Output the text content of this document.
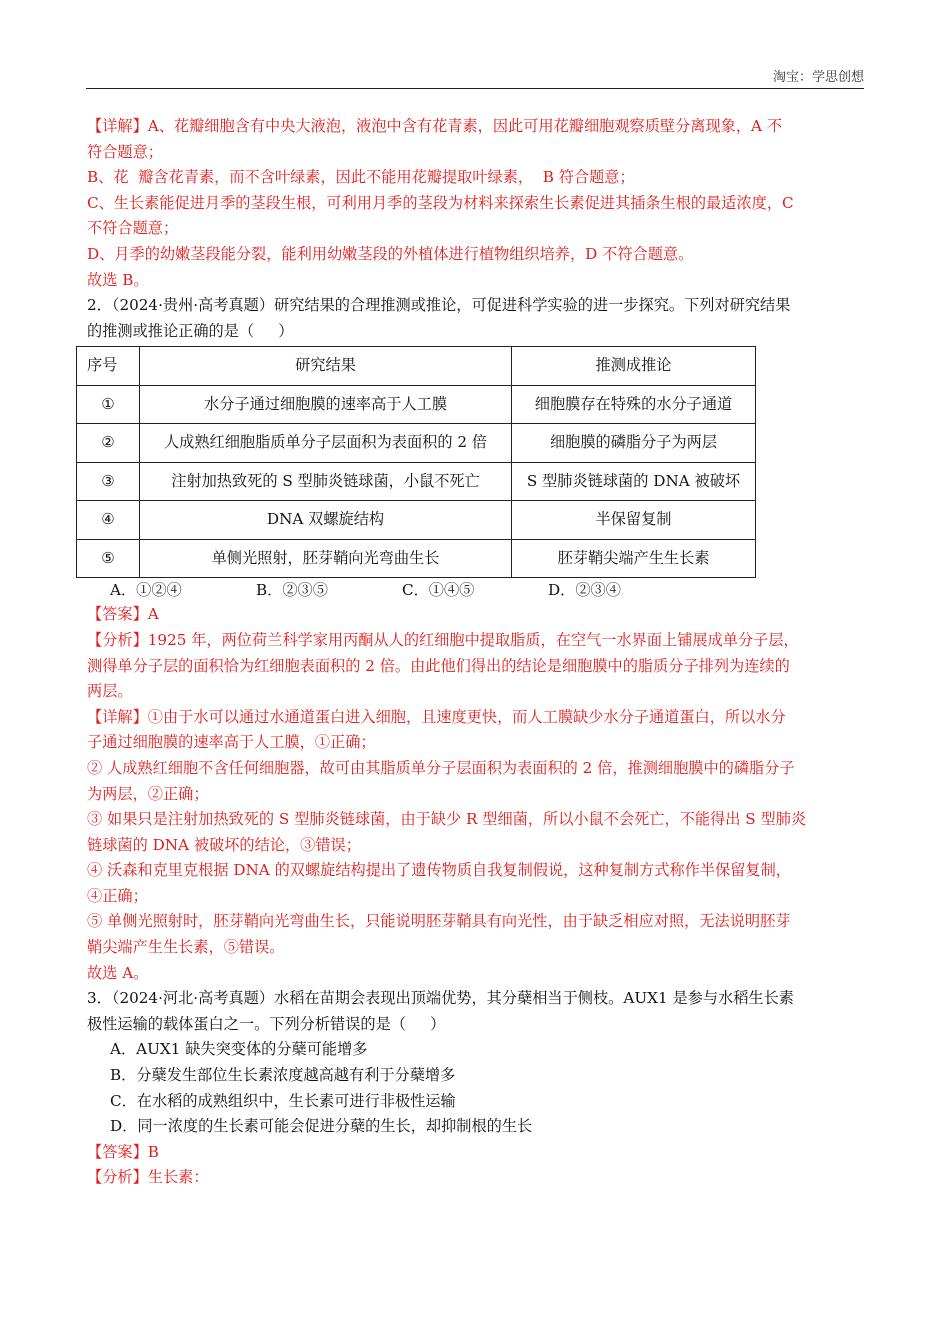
淘宝：学思创想

【详解】A、花瓣细胞含有中央大液泡，液泡中含有花青素，因此可用花瓣细胞观察质壁分离现象，A 不

符合题意；

B、花  瓣含花青素，而不含叶绿素，因此不能用花瓣提取叶绿素，  B 符合题意；

C、生长素能促进月季的茎段生根，可利用月季的茎段为材料来探索生长素促进其插条生根的最适浓度，C

不符合题意；

D、月季的幼嫩茎段能分裂，能利用幼嫩茎段的外植体进行植物组织培养，D 不符合题意。

故选 B。

2．（2024·贵州·高考真题）研究结果的合理推测或推论，可促进科学实验的进一步探究。下列对研究结果

的推测或推论正确的是（     ）

序号	研究结果	推测成推论
①	水分子通过细胞膜的速率高于人工膜	细胞膜存在特殊的水分子通道
②	人成熟红细胞脂质单分子层面积为表面积的 2 倍	细胞膜的磷脂分子为两层
③	注射加热致死的 S 型肺炎链球菌，小鼠不死亡	S 型肺炎链球菌的 DNA 被破坏
④	DNA 双螺旋结构	半保留复制
⑤	单侧光照射，胚芽鞘向光弯曲生长	胚芽鞘尖端产生生长素
A．①②④	B．②③⑤	C．①④⑤	D．②③④

【答案】A

【分析】1925 年，两位荷兰科学家用丙酮从人的红细胞中提取脂质，在空气一水界面上铺展成单分子层，

测得单分子层的面积恰为红细胞表面积的 2 倍。由此他们得出的结论是细胞膜中的脂质分子排列为连续的

两层。

【详解】①由于水可以通过水通道蛋白进入细胞，且速度更快，而人工膜缺少水分子通道蛋白，所以水分

子通过细胞膜的速率高于人工膜，①正确；

② 人成熟红细胞不含任何细胞器，故可由其脂质单分子层面积为表面积的 2 倍，推测细胞膜中的磷脂分子

为两层，②正确；

③ 如果只是注射加热致死的 S 型肺炎链球菌，由于缺少 R 型细菌，所以小鼠不会死亡，不能得出 S 型肺炎

链球菌的 DNA 被破坏的结论，③错误；

④ 沃森和克里克根据 DNA 的双螺旋结构提出了遗传物质自我复制假说，这种复制方式称作半保留复制，

④正确；

⑤ 单侧光照射时，胚芽鞘向光弯曲生长，只能说明胚芽鞘具有向光性，由于缺乏相应对照，无法说明胚芽

鞘尖端产生生长素，⑤错误。

故选 A。

3．（2024·河北·高考真题）水稻在苗期会表现出顶端优势，其分蘖相当于侧枝。AUX1 是参与水稻生长素

极性运输的载体蛋白之一。下列分析错误的是（     ）

A．AUX1 缺失突变体的分蘖可能增多

B．分蘖发生部位生长素浓度越高越有利于分蘖增多

C．在水稻的成熟组织中，生长素可进行非极性运输

D．同一浓度的生长素可能会促进分蘖的生长，却抑制根的生长

【答案】B

【分析】生长素：
